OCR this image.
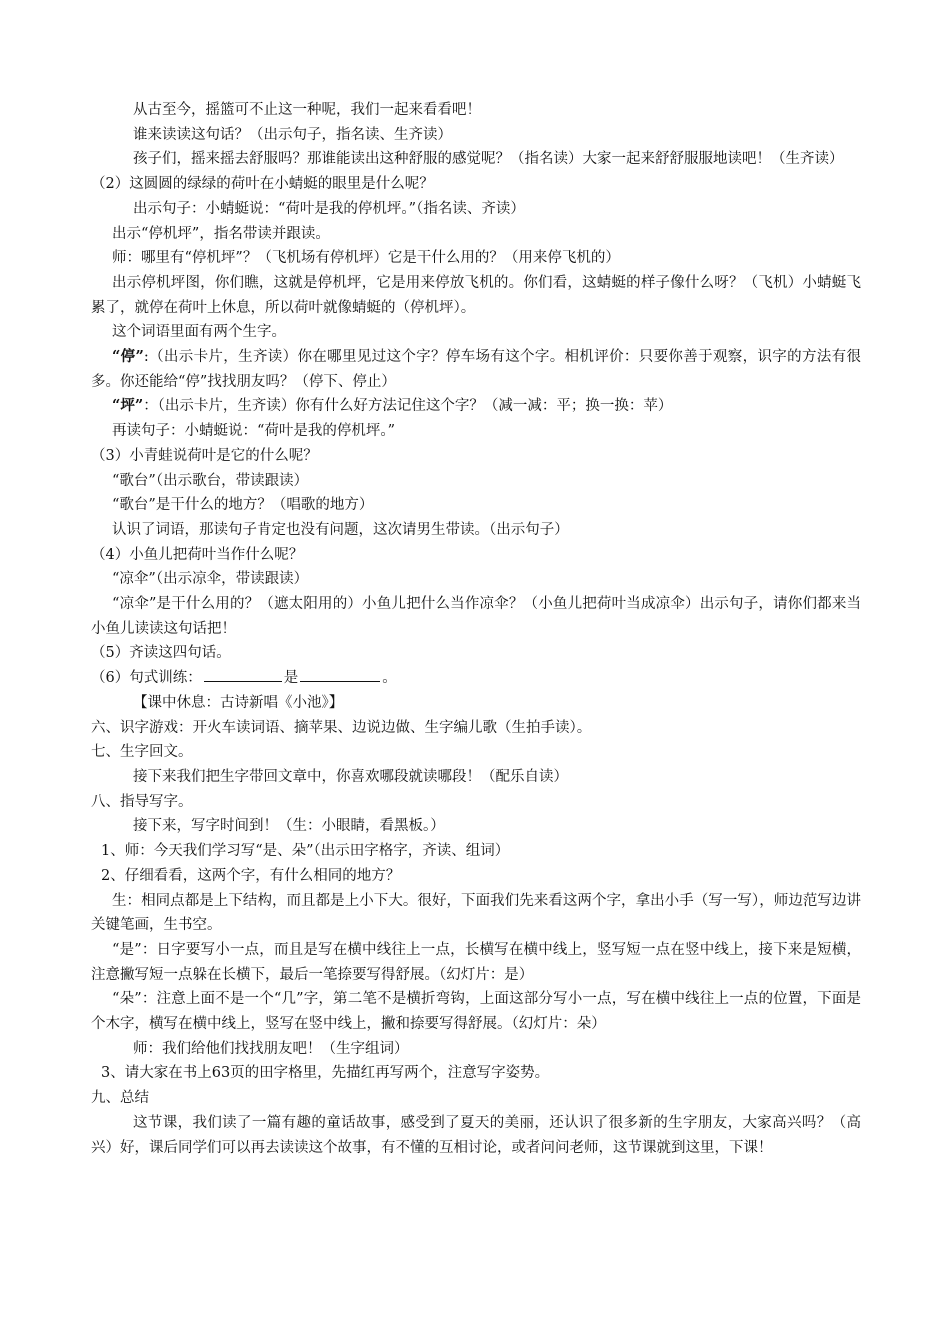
从古至今，摇篮可不止这一种呢，我们一起来看看吧！

谁来读读这句话？（出示句子，指名读、生齐读）

孩子们，摇来摇去舒服吗？那谁能读出这种舒服的感觉呢？（指名读）大家一起来舒舒服服地读吧！（生齐读）

（2）这圆圆的绿绿的荷叶在小蜻蜓的眼里是什么呢？

出示句子：小蜻蜓说：“荷叶是我的停机坪。”（指名读、齐读）

出示“停机坪”，指名带读并跟读。

师：哪里有“停机坪”？（飞机场有停机坪）它是干什么用的？（用来停飞机的）

出示停机坪图，你们瞧，这就是停机坪，它是用来停放飞机的。你们看，这蜻蜓的样子像什么呀？（飞机）小蜻蜓飞累了，就停在荷叶上休息，所以荷叶就像蜻蜓的（停机坪）。

这个词语里面有两个生字。

“停”:（出示卡片，生齐读）你在哪里见过这个字？停车场有这个字。相机评价：只要你善于观察，识字的方法有很多。你还能给“停”找找朋友吗？（停下、停止）

“坪”：（出示卡片，生齐读）你有什么好方法记住这个字？（减一减：平；换一换：苹）

再读句子：小蜻蜓说：“荷叶是我的停机坪。”

（3）小青蛙说荷叶是它的什么呢？

“歌台”（出示歌台，带读跟读）

“歌台”是干什么的地方？（唱歌的地方）

认识了词语，那读句子肯定也没有问题，这次请男生带读。（出示句子）

（4）小鱼儿把荷叶当作什么呢？

“凉伞”（出示凉伞，带读跟读）

“凉伞”是干什么用的？（遮太阳用的）小鱼儿把什么当作凉伞？（小鱼儿把荷叶当成凉伞）出示句子，请你们都来当小鱼儿读读这句话把！

（5）齐读这四句话。

（6）句式训练：	是	。

【课中休息：古诗新唱《小池》】

六、识字游戏：开火车读词语、摘苹果、边说边做、生字编儿歌（生拍手读）。

七、生字回文。

接下来我们把生字带回文章中，你喜欢哪段就读哪段！（配乐自读）

八、指导写字。

接下来，写字时间到！（生：小眼睛，看黑板。）

1、师：今天我们学习写“是、朵”（出示田字格字，齐读、组词）

2、仔细看看，这两个字，有什么相同的地方？

生：相同点都是上下结构，而且都是上小下大。很好，下面我们先来看这两个字，拿出小手（写一写），师边范写边讲关键笔画，生书空。

“是”：日字要写小一点，而且是写在横中线往上一点，长横写在横中线上，竖写短一点在竖中线上，接下来是短横，注意撇写短一点躲在长横下，最后一笔捺要写得舒展。（幻灯片：是）

“朵”：注意上面不是一个“几”字，第二笔不是横折弯钩，上面这部分写小一点，写在横中线往上一点的位置，下面是个木字，横写在横中线上，竖写在竖中线上，撇和捺要写得舒展。（幻灯片：朵）

师：我们给他们找找朋友吧！（生字组词）

3、请大家在书上63页的田字格里，先描红再写两个，注意写字姿势。

九、总结

这节课，我们读了一篇有趣的童话故事，感受到了夏天的美丽，还认识了很多新的生字朋友，大家高兴吗？（高兴）好，课后同学们可以再去读读这个故事，有不懂的互相讨论，或者问问老师，这节课就到这里，下课！
